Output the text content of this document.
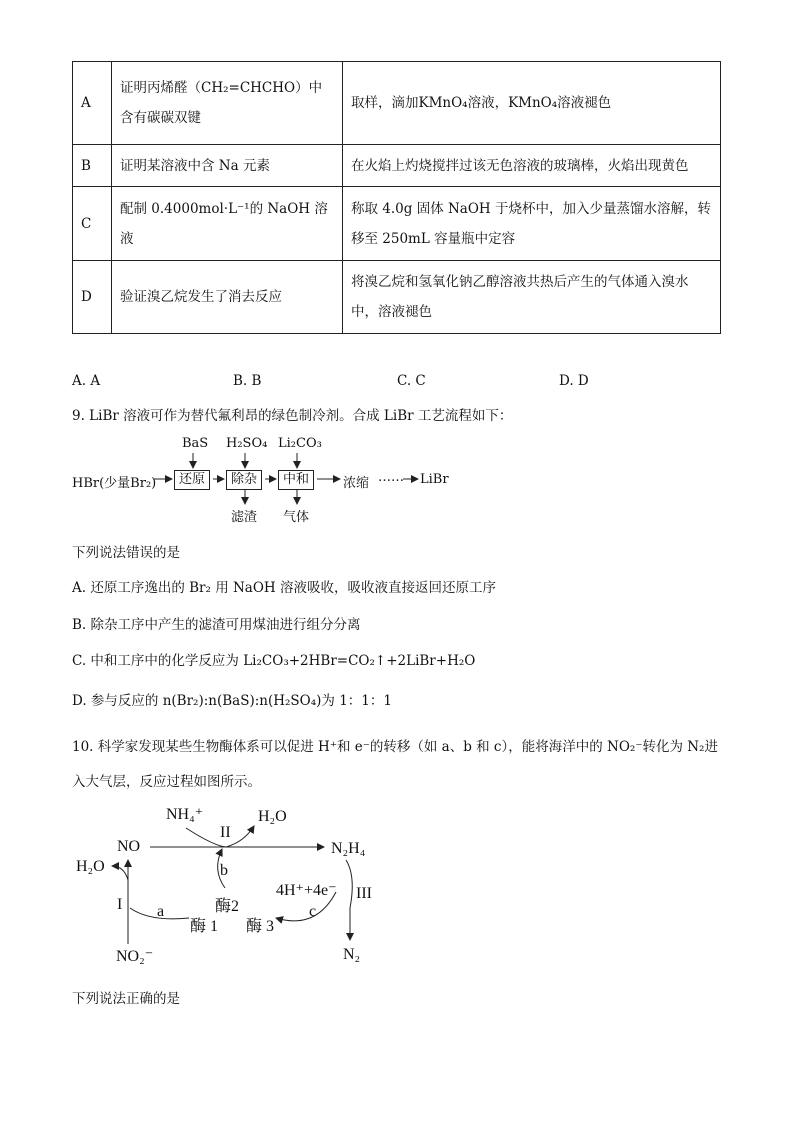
A	证明丙烯醛（CH₂=CHCHO）中含有碳碳双键	取样，滴加KMnO₄溶液，KMnO₄溶液褪色
B	证明某溶液中含 Na 元素	在火焰上灼烧搅拌过该无色溶液的玻璃棒，火焰出现黄色
C	配制 0.4000mol·L⁻¹的 NaOH 溶液	称取 4.0g 固体 NaOH 于烧杯中，加入少量蒸馏水溶解，转移至 250mL 容量瓶中定容
D	验证溴乙烷发生了消去反应	将溴乙烷和氢氧化钠乙醇溶液共热后产生的气体通入溴水中，溶液褪色
A. A	B. B	C. C	D. D
9. LiBr 溶液可作为替代氟利昂的绿色制冷剂。合成 LiBr 工艺流程如下：
HBr(少量Br₂)
BaS H₂SO₄ Li₂CO₃
还原	除杂	中和
滤渣 气体
浓缩 …… LiBr
下列说法错误的是
A. 还原工序逸出的 Br₂ 用 NaOH 溶液吸收，吸收液直接返回还原工序
B. 除杂工序中产生的滤渣可用煤油进行组分分离
C. 中和工序中的化学反应为 Li₂CO₃+2HBr=CO₂↑+2LiBr+H₂O
D. 参与反应的 n(Br₂):n(BaS):n(H₂SO₄)为 1：1：1
10. 科学家发现某些生物酶体系可以促进 H⁺和 e⁻的转移（如 a、b 和 c），能将海洋中的 NO₂⁻转化为 N₂进
入大气层，反应过程如图所示。
NH₄⁺	H₂O
NO
II
N₂H₄
H₂O	b
4H⁺+4e⁻ III
酶2
I a	c
酶 1 酶 3
NO₂⁻	N₂
下列说法正确的是
